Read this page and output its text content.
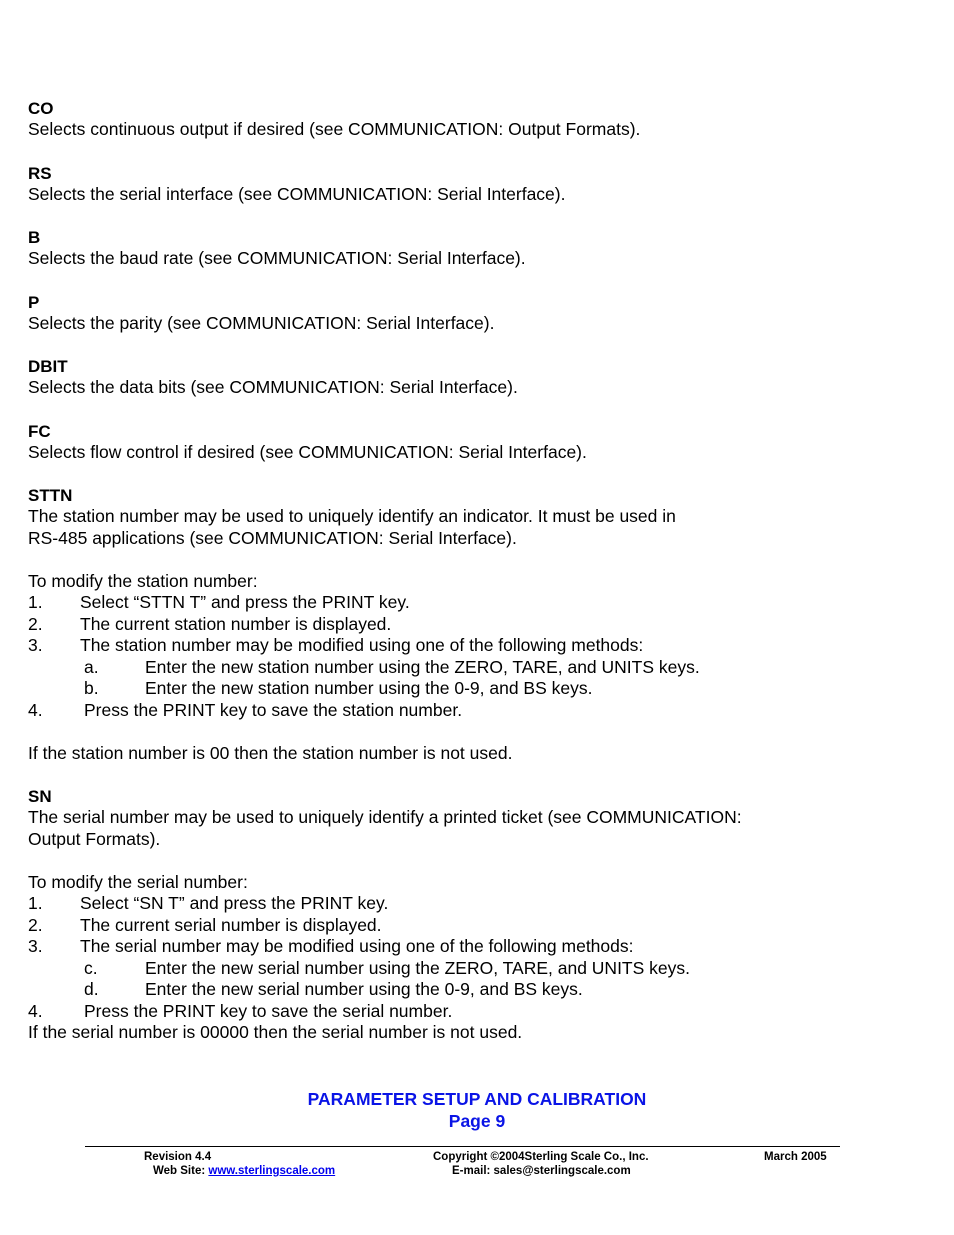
CO
Selects continuous output if desired (see COMMUNICATION: Output Formats).
RS
Selects the serial interface (see COMMUNICATION: Serial Interface).
B
Selects the baud rate (see COMMUNICATION: Serial Interface).
P
Selects the parity (see COMMUNICATION: Serial Interface).
DBIT
Selects the data bits (see COMMUNICATION: Serial Interface).
FC
Selects flow control if desired (see COMMUNICATION: Serial Interface).
STTN
The station number may be used to uniquely identify an indicator. It must be used in
RS-485 applications (see COMMUNICATION: Serial Interface).
To modify the station number:
1. Select “STTN T” and press the PRINT key.
2. The current station number is displayed.
3. The station number may be modified using one of the following methods:
a.	Enter the new station number using the ZERO, TARE, and UNITS keys.
b.	Enter the new station number using the 0-9, and BS keys.
4. Press the PRINT key to save the station number.
If the station number is 00 then the station number is not used.
SN
The serial number may be used to uniquely identify a printed ticket (see COMMUNICATION:
Output Formats).
To modify the serial number:
1. Select “SN T” and press the PRINT key.
2. The current serial number is displayed.
3. The serial number may be modified using one of the following methods:
c.	Enter the new serial number using the ZERO, TARE, and UNITS keys.
d.	Enter the new serial number using the 0-9, and BS keys.
4. Press the PRINT key to save the serial number.
If the serial number is 00000 then the serial number is not used.
PARAMETER SETUP AND CALIBRATION
Page 9
Revision 4.4
Web Site: www.sterlingscale.com
Copyright ©2004Sterling Scale Co., Inc.
E-mail: sales@sterlingscale.com
March 2005
